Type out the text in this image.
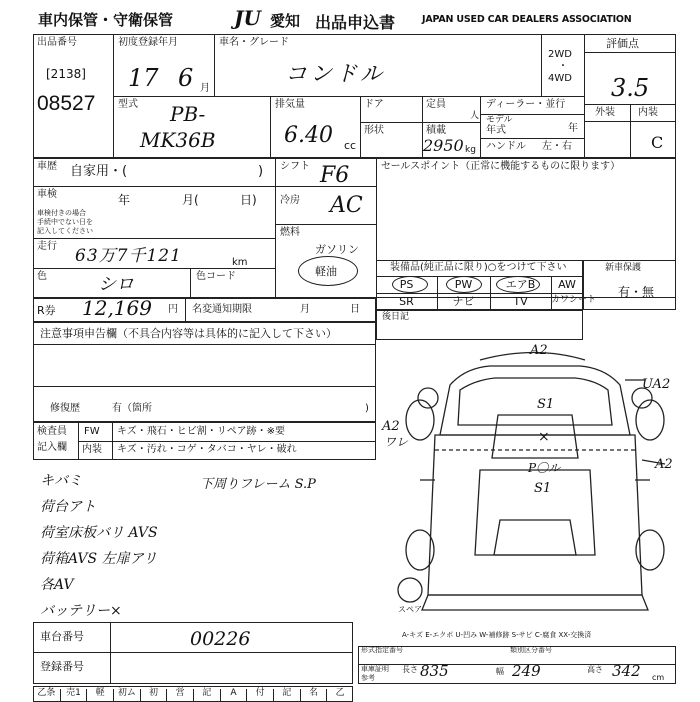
車内保管・守衛保管	JU 愛知 出品申込書	JAPAN USED CAR DEALERS ASSOCIATION
出品番号
[2138]
08527
初度登録年月
17 6 月
車名・グレード
コンドル
2WD
・
4WD
評価点
3.5
外装 内装
C
型式 PB-
MK36B
排気量
6.40 cc
ドア	定員
人
形状	積載
2950 kg
ディーラー・並行
モデル
年式	年
ハンドル 左・右
車歴 自家用・(	) シフト F6	セールスポイント（正常に機能するものに限ります）
車検	年	月(	日)
車検付きの場合
手続中でない日を
記入してください
冷房 AC
走行 63万7千121	km
燃料
ガソリン
軽油
色	シロ	色コード
装備品(純正品に限り)○をつけて下さい
PS	PW	エアB	AW
SR	ナビ	TV	カワシート
新車保護
有・無
R券 12,169 円 名変通知期限	月	日
後日記
注意事項申告欄（不具合内容等は具体的に記入して下さい）
修復歴	有（箇所	)
検査員
記入欄
FW キズ・飛石・ヒビ割・リペア跡・※要
内装 キズ・汚れ・コゲ・タバコ・ヤレ・破れ
キバミ	下周りフレーム S.P
荷台アト
荷室床板バリ AVS
荷箱AVS 左扉アリ
各AV
バッテリー×
A2
UA2
A2
A2
ワレ
S1
×
P〇ル
S1
スペア
A-キズ E-エクボ U-凹み W-補修跡 S-サビ C-腐食 XX-交換済
車台番号	00226
登録番号
形式指定番号	類別区分番号
車庫証明
参考
長さ 835	幅 249	高さ 342 cm
乙条	売1	軽	初ム	初	営	記	A	付	記	名	乙
